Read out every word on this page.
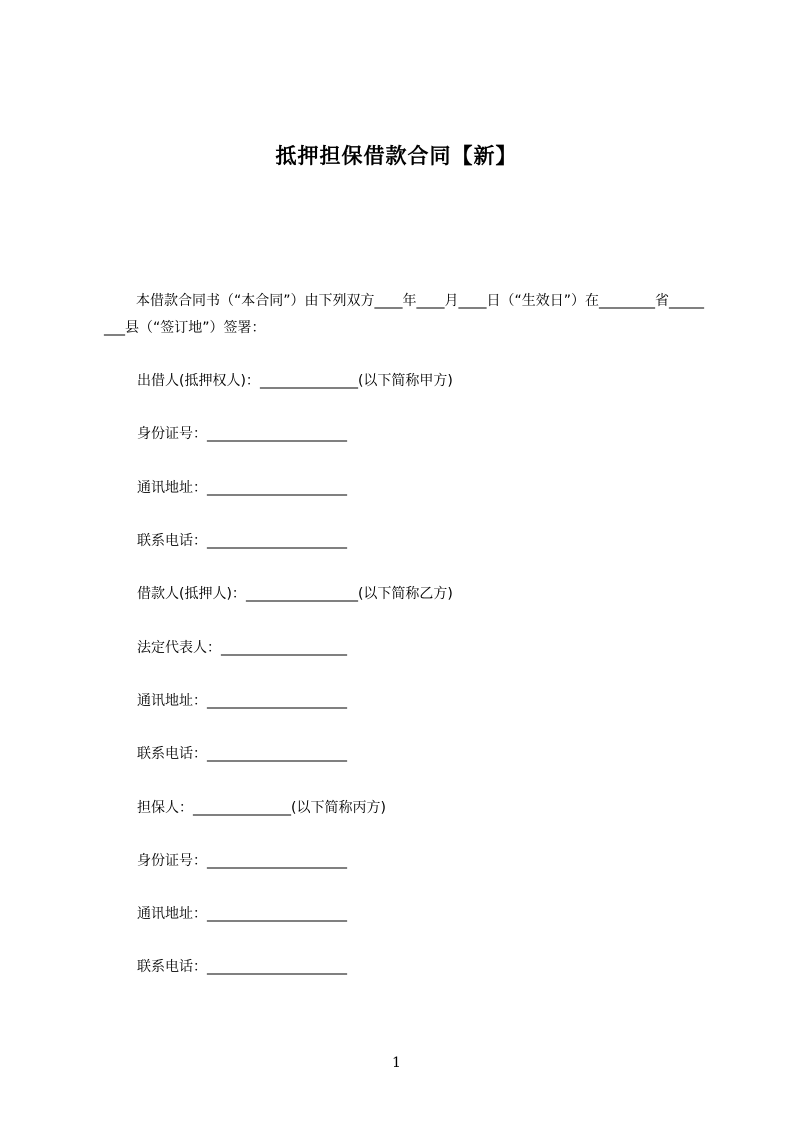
抵押担保借款合同【新】
本借款合同书（“本合同”）由下列双方____年____月____日（“生效日”）在________省________县（“签订地”）签署：
出借人(抵押权人)：______________(以下简称甲方)
身份证号：____________________
通讯地址：____________________
联系电话：____________________
借款人(抵押人)：________________(以下简称乙方)
法定代表人：__________________
通讯地址：____________________
联系电话：____________________
担保人：______________(以下简称丙方)
身份证号：____________________
通讯地址：____________________
联系电话：____________________
1
